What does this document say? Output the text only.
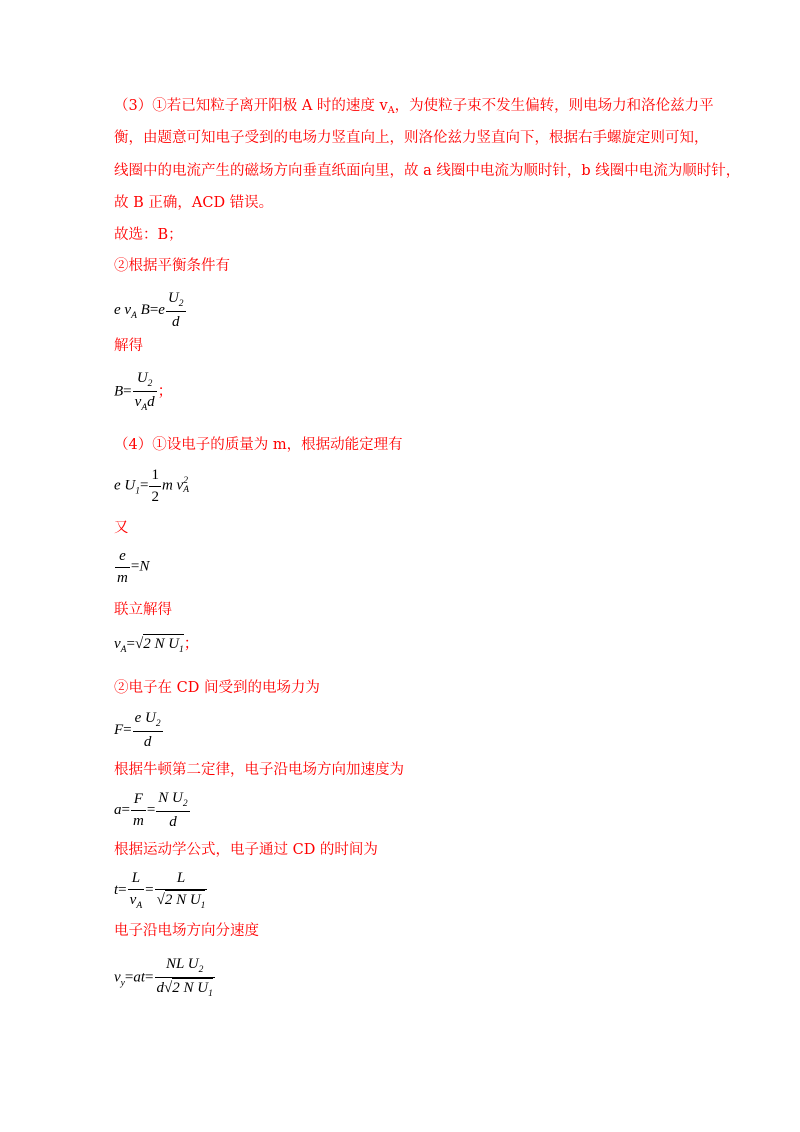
（3）①若已知粒子离开阳极 A 时的速度 $v_A$，为使粒子束不发生偏转，则电场力和洛伦兹力平
衡，由题意可知电子受到的电场力竖直向上，则洛伦兹力竖直向下，根据右手螺旋定则可知，
线圈中的电流产生的磁场方向垂直纸面向里，故 a 线圈中电流为顺时针，b 线圈中电流为顺时针，
故 B 正确，ACD 错误。
故选：B；
②根据平衡条件有
e $v_A$ $B=e \frac{U_2}{d}$
解得
$B= \frac{U_2}{v_Ad}$ ；
（4）①设电子的质量为 m，根据动能定理有
e $U_1= \frac{1}{2}$ m v 2
A
又
$\frac{e}{m} =N$
联立解得
$v_A=√2$ N $U_1$；
②电子在 CD 间受到的电场力为
$F= \frac{e U_2}{d}$
根据牛顿第二定律，电子沿电场方向加速度为
$a= \frac{F}{m} = \frac{N U_2}{d}$
根据运动学公式，电子通过 CD 的时间为
$t= \frac{L}{v_A} = \frac{L}{√2 N U_1}$
电子沿电场方向分速度
$v_y=at= \frac{NL U_2}{d√2 N U_1}$
